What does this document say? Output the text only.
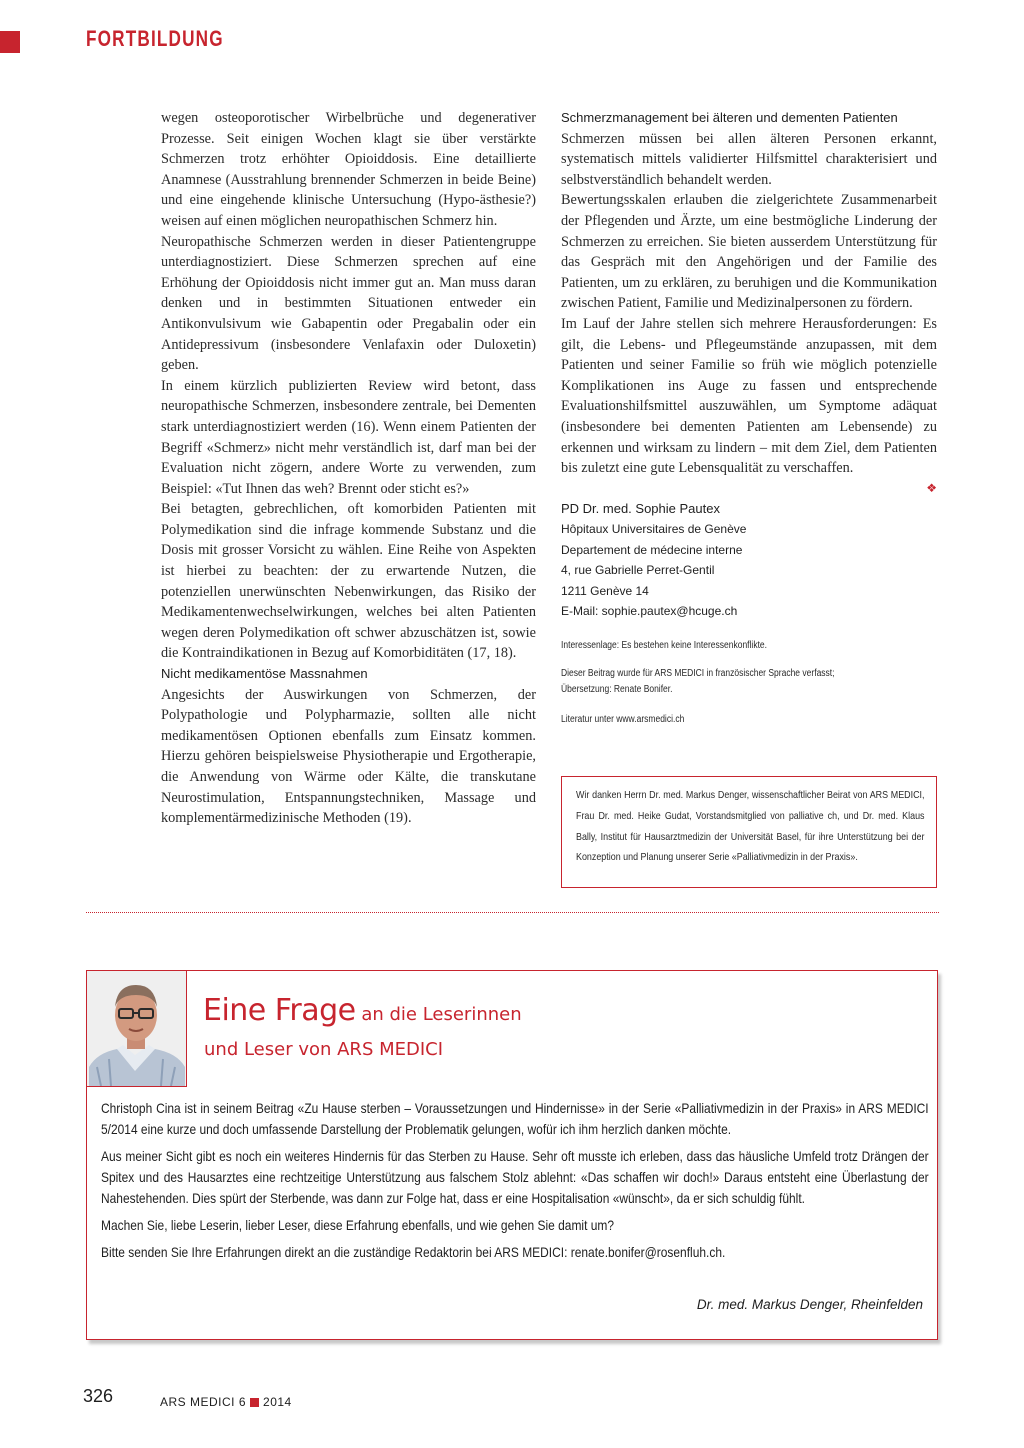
FORTBILDUNG

wegen osteoporotischer Wirbelbrüche und degenerativer Prozesse. Seit einigen Wochen klagt sie über verstärkte Schmerzen trotz erhöhter Opioiddosis. Eine detaillierte Anamnese (Ausstrahlung brennender Schmerzen in beide Beine) und eine eingehende klinische Untersuchung (Hypo-ästhesie?) weisen auf einen möglichen neuropathischen Schmerz hin.

Neuropathische Schmerzen werden in dieser Patientengruppe unterdiagnostiziert. Diese Schmerzen sprechen auf eine Erhöhung der Opioiddosis nicht immer gut an. Man muss daran denken und in bestimmten Situationen entweder ein Antikonvulsivum wie Gabapentin oder Pregabalin oder ein Antidepressivum (insbesondere Venlafaxin oder Duloxetin) geben.

In einem kürzlich publizierten Review wird betont, dass neuropathische Schmerzen, insbesondere zentrale, bei Dementen stark unterdiagnostiziert werden (16). Wenn einem Patienten der Begriff «Schmerz» nicht mehr verständlich ist, darf man bei der Evaluation nicht zögern, andere Worte zu verwenden, zum Beispiel: «Tut Ihnen das weh? Brennt oder sticht es?»

Bei betagten, gebrechlichen, oft komorbiden Patienten mit Polymedikation sind die infrage kommende Substanz und die Dosis mit grosser Vorsicht zu wählen. Eine Reihe von Aspekten ist hierbei zu beachten: der zu erwartende Nutzen, die potenziellen unerwünschten Nebenwirkungen, das Risiko der Medikamentenwechselwirkungen, welches bei alten Patienten wegen deren Polymedikation oft schwer abzuschätzen ist, sowie die Kontraindikationen in Bezug auf Komorbiditäten (17, 18).

Nicht medikamentöse Massnahmen

Angesichts der Auswirkungen von Schmerzen, der Polypathologie und Polypharmazie, sollten alle nicht medikamentösen Optionen ebenfalls zum Einsatz kommen. Hierzu gehören beispielsweise Physiotherapie und Ergotherapie, die Anwendung von Wärme oder Kälte, die transkutane Neurostimulation, Entspannungstechniken, Massage und komplementärmedizinische Methoden (19).

Schmerzmanagement bei älteren und dementen Patienten

Schmerzen müssen bei allen älteren Personen erkannt, systematisch mittels validierter Hilfsmittel charakterisiert und selbstverständlich behandelt werden.

Bewertungsskalen erlauben die zielgerichtete Zusammenarbeit der Pflegenden und Ärzte, um eine bestmögliche Linderung der Schmerzen zu erreichen. Sie bieten ausserdem Unterstützung für das Gespräch mit den Angehörigen und der Familie des Patienten, um zu erklären, zu beruhigen und die Kommunikation zwischen Patient, Familie und Medizinalpersonen zu fördern.

Im Lauf der Jahre stellen sich mehrere Herausforderungen: Es gilt, die Lebens- und Pflegeumstände anzupassen, mit dem Patienten und seiner Familie so früh wie möglich potenzielle Komplikationen ins Auge zu fassen und entsprechende Evaluationshilfsmittel auszuwählen, um Symptome adäquat (insbesondere bei dementen Patienten am Lebensende) zu erkennen und wirksam zu lindern – mit dem Ziel, dem Patienten bis zuletzt eine gute Lebensqualität zu verschaffen.

❖
PD Dr. med. Sophie Pautex
Hôpitaux Universitaires de Genève
Departement de médecine interne
4, rue Gabrielle Perret-Gentil
1211 Genève 14
E-Mail: sophie.pautex@hcuge.ch
Interessenlage: Es bestehen keine Interessenkonflikte.
Dieser Beitrag wurde für ARS MEDICI in französischer Sprache verfasst;
Übersetzung: Renate Bonifer.
Literatur unter www.arsmedici.ch
Wir danken Herrn Dr. med. Markus Denger, wissenschaftlicher Beirat von ARS MEDICI, Frau Dr. med. Heike Gudat, Vorstandsmitglied von palliative ch, und Dr. med. Klaus Bally, Institut für Hausarztmedizin der Universität Basel, für ihre Unterstützung bei der Konzeption und Planung unserer Serie «Palliativmedizin in der Praxis».
Eine Frage an die Leserinnen
und Leser von ARS MEDICI

Christoph Cina ist in seinem Beitrag «Zu Hause sterben – Voraussetzungen und Hindernisse» in der Serie «Palliativmedizin in der Praxis» in ARS MEDICI 5/2014 eine kurze und doch umfassende Darstellung der Problematik gelungen, wofür ich ihm herzlich danken möchte.

Aus meiner Sicht gibt es noch ein weiteres Hindernis für das Sterben zu Hause. Sehr oft musste ich erleben, dass das häusliche Umfeld trotz Drängen der Spitex und des Hausarztes eine rechtzeitige Unterstützung aus falschem Stolz ablehnt: «Das schaffen wir doch!» Daraus entsteht eine Überlastung der Nahestehenden. Dies spürt der Sterbende, was dann zur Folge hat, dass er eine Hospitalisation «wünscht», da er sich schuldig fühlt.

Machen Sie, liebe Leserin, lieber Leser, diese Erfahrung ebenfalls, und wie gehen Sie damit um?

Bitte senden Sie Ihre Erfahrungen direkt an die zuständige Redaktorin bei ARS MEDICI: renate.bonifer@rosenfluh.ch.

Dr. med. Markus Denger, Rheinfelden
326	ARS MEDICI 6 2014
